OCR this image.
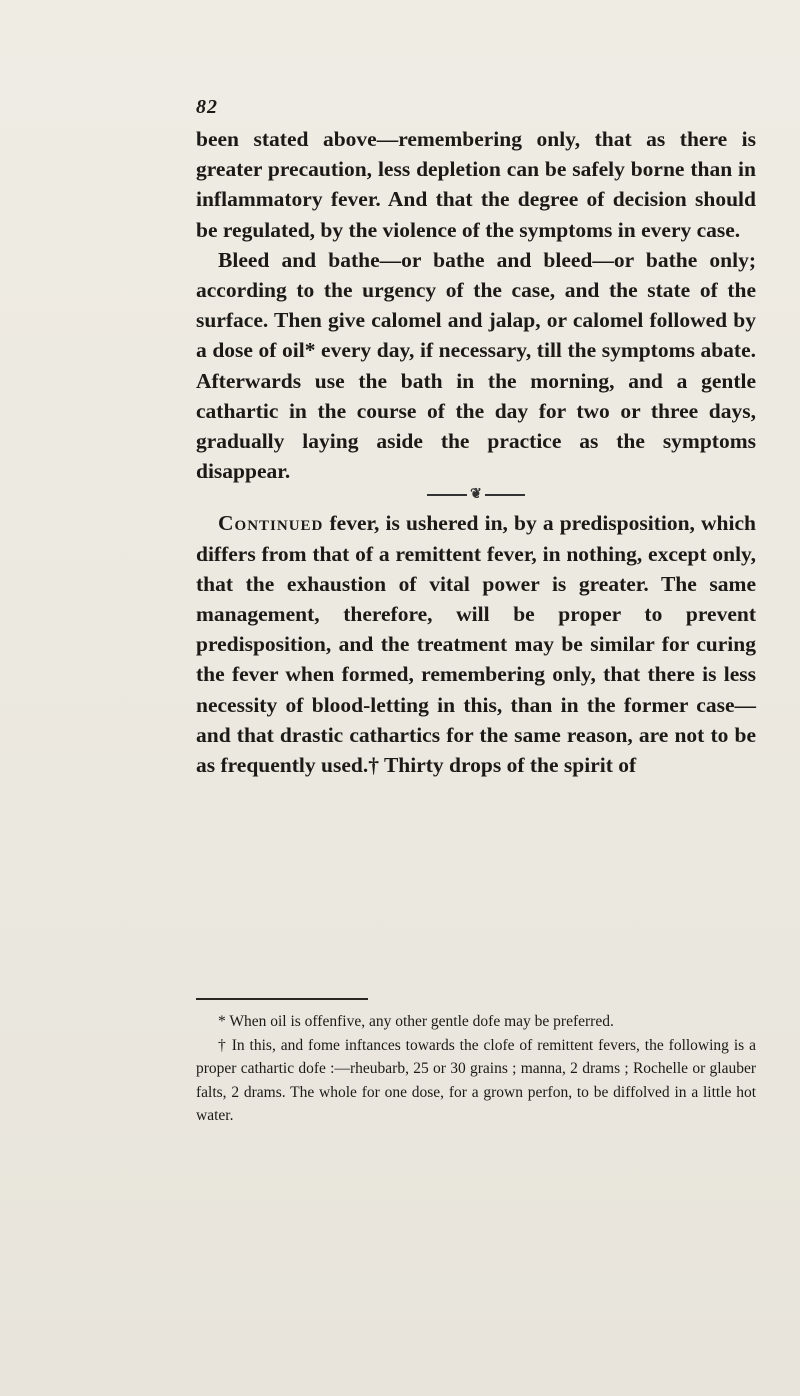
82

been stated above—remembering only, that as there is greater precaution, less depletion can be safely borne than in inflammatory fever. And that the degree of decision should be regulated, by the violence of the symptoms in every case.

Bleed and bathe—or bathe and bleed—or bathe only; according to the urgency of the case, and the state of the surface. Then give calomel and jalap, or calomel followed by a dose of oil* every day, if necessary, till the symptoms abate. Afterwards use the bath in the morning, and a gentle cathartic in the course of the day for two or three days, gradually laying aside the practice as the symptoms disappear.

❦

Continued fever, is ushered in, by a predisposition, which differs from that of a remittent fever, in nothing, except only, that the exhaustion of vital power is greater. The same management, therefore, will be proper to prevent predisposition, and the treatment may be similar for curing the fever when formed, remembering only, that there is less necessity of blood-letting in this, than in the former case—and that drastic cathartics for the same reason, are not to be as frequently used.† Thirty drops of the spirit of

* When oil is offenfive, any other gentle dofe may be preferred.

† In this, and fome inftances towards the clofe of remittent fevers, the following is a proper cathartic dofe :—rheubarb, 25 or 30 grains ; manna, 2 drams ; Rochelle or glauber falts, 2 drams. The whole for one dose, for a grown perfon, to be diffolved in a little hot water.
